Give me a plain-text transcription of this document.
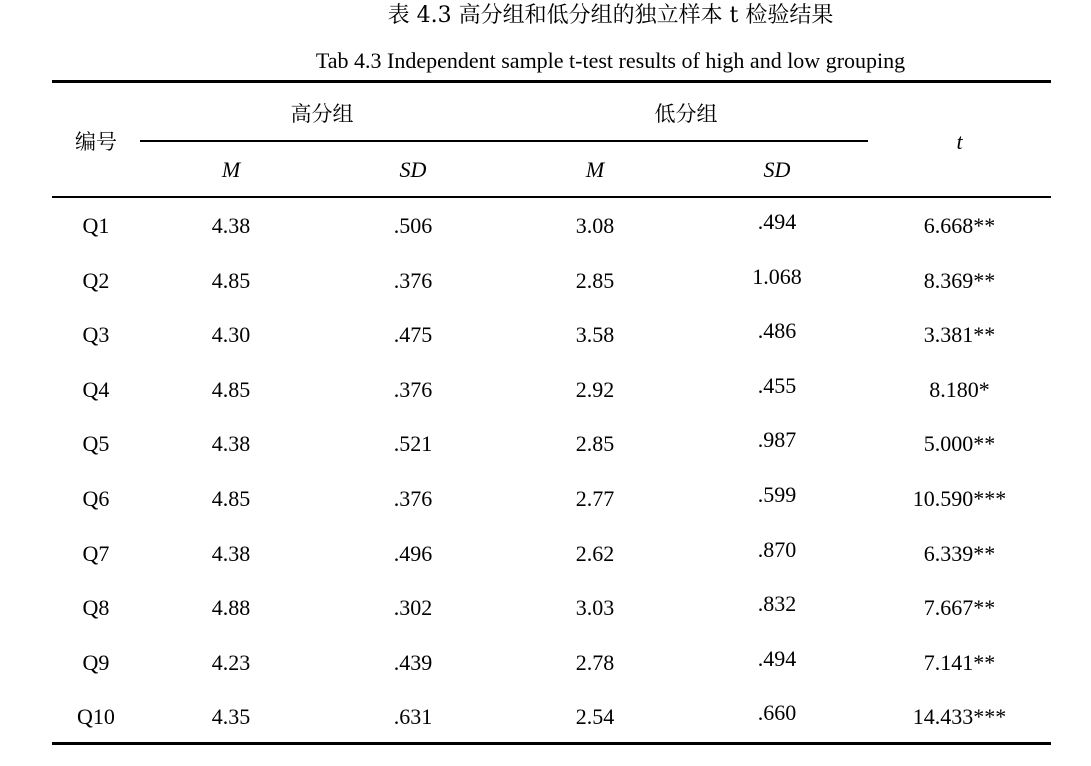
表 4.3 高分组和低分组的独立样本 t 检验结果
Tab 4.3 Independent sample t-test results of high and low grouping
编号
高分组	低分组
t
M	SD	M	SD
Q1	4.38	.506	3.08	.494	6.668**
Q2	4.85	.376	2.85	1.068	8.369**
Q3	4.30	.475	3.58	.486	3.381**
Q4	4.85	.376	2.92	.455	8.180*
Q5	4.38	.521	2.85	.987	5.000**
Q6	4.85	.376	2.77	.599	10.590***
Q7	4.38	.496	2.62	.870	6.339**
Q8	4.88	.302	3.03	.832	7.667**
Q9	4.23	.439	2.78	.494	7.141**
Q10	4.35	.631	2.54	.660	14.433***
